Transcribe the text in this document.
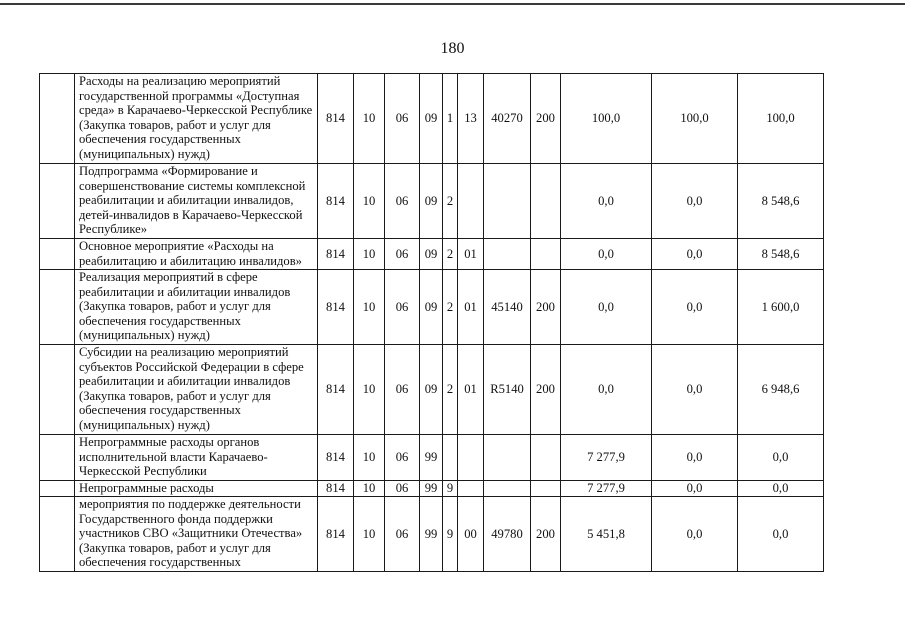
180
	Расходы на реализацию мероприятий государственной программы «Доступная среда» в Карачаево-Черкесской Республике (Закупка товаров, работ и услуг для обеспечения государственных (муниципальных) нужд)	814	10	06	09	1	13	40270	200	100,0	100,0	100,0
	Подпрограмма «Формирование и совершенствование системы комплексной реабилитации и абилитации инвалидов, детей-инвалидов в Карачаево-Черкесской Республике»	814	10	06	09	2				0,0	0,0	8 548,6
	Основное мероприятие «Расходы на реабилитацию и абилитацию инвалидов»	814	10	06	09	2	01			0,0	0,0	8 548,6
	Реализация мероприятий в сфере реабилитации и абилитации инвалидов (Закупка товаров, работ и услуг для обеспечения государственных (муниципальных) нужд)	814	10	06	09	2	01	45140	200	0,0	0,0	1 600,0
	Субсидии на реализацию мероприятий субъектов Российской Федерации в сфере реабилитации и абилитации инвалидов (Закупка товаров, работ и услуг для обеспечения государственных (муниципальных) нужд)	814	10	06	09	2	01	R5140	200	0,0	0,0	6 948,6
	Непрограммные расходы органов исполнительной власти Карачаево-Черкесской Республики	814	10	06	99					7 277,9	0,0	0,0
	Непрограммные расходы	814	10	06	99	9				7 277,9	0,0	0,0
	мероприятия по поддержке деятельности Государственного фонда поддержки участников СВО «Защитники Отечества» (Закупка товаров, работ и услуг для обеспечения государственных	814	10	06	99	9	00	49780	200	5 451,8	0,0	0,0
